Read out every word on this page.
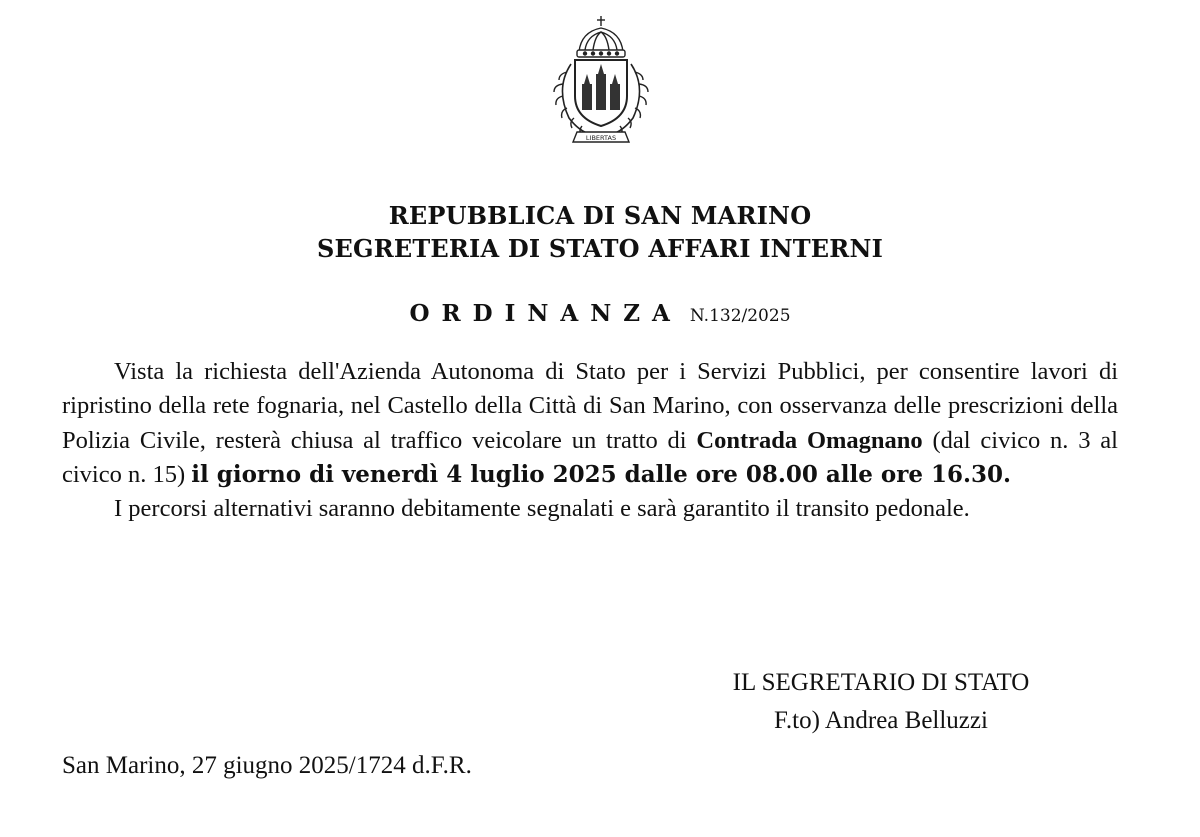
LIBERTAS
REPUBBLICA DI SAN MARINO
SEGRETERIA DI STATO AFFARI INTERNI
ORDINANZA N.132/2025

Vista la richiesta dell'Azienda Autonoma di Stato per i Servizi Pubblici, per consentire lavori di ripristino della rete fognaria, nel Castello della Città di San Marino, con osservanza delle prescrizioni della Polizia Civile, resterà chiusa al traffico veicolare un tratto di Contrada Omagnano (dal civico n. 3 al civico n. 15) il giorno di venerdì 4 luglio 2025 dalle ore 08.00 alle ore 16.30.

I percorsi alternativi saranno debitamente segnalati e sarà garantito il transito pedonale.

IL SEGRETARIO DI STATO
F.to) Andrea Belluzzi
San Marino, 27 giugno 2025/1724 d.F.R.
